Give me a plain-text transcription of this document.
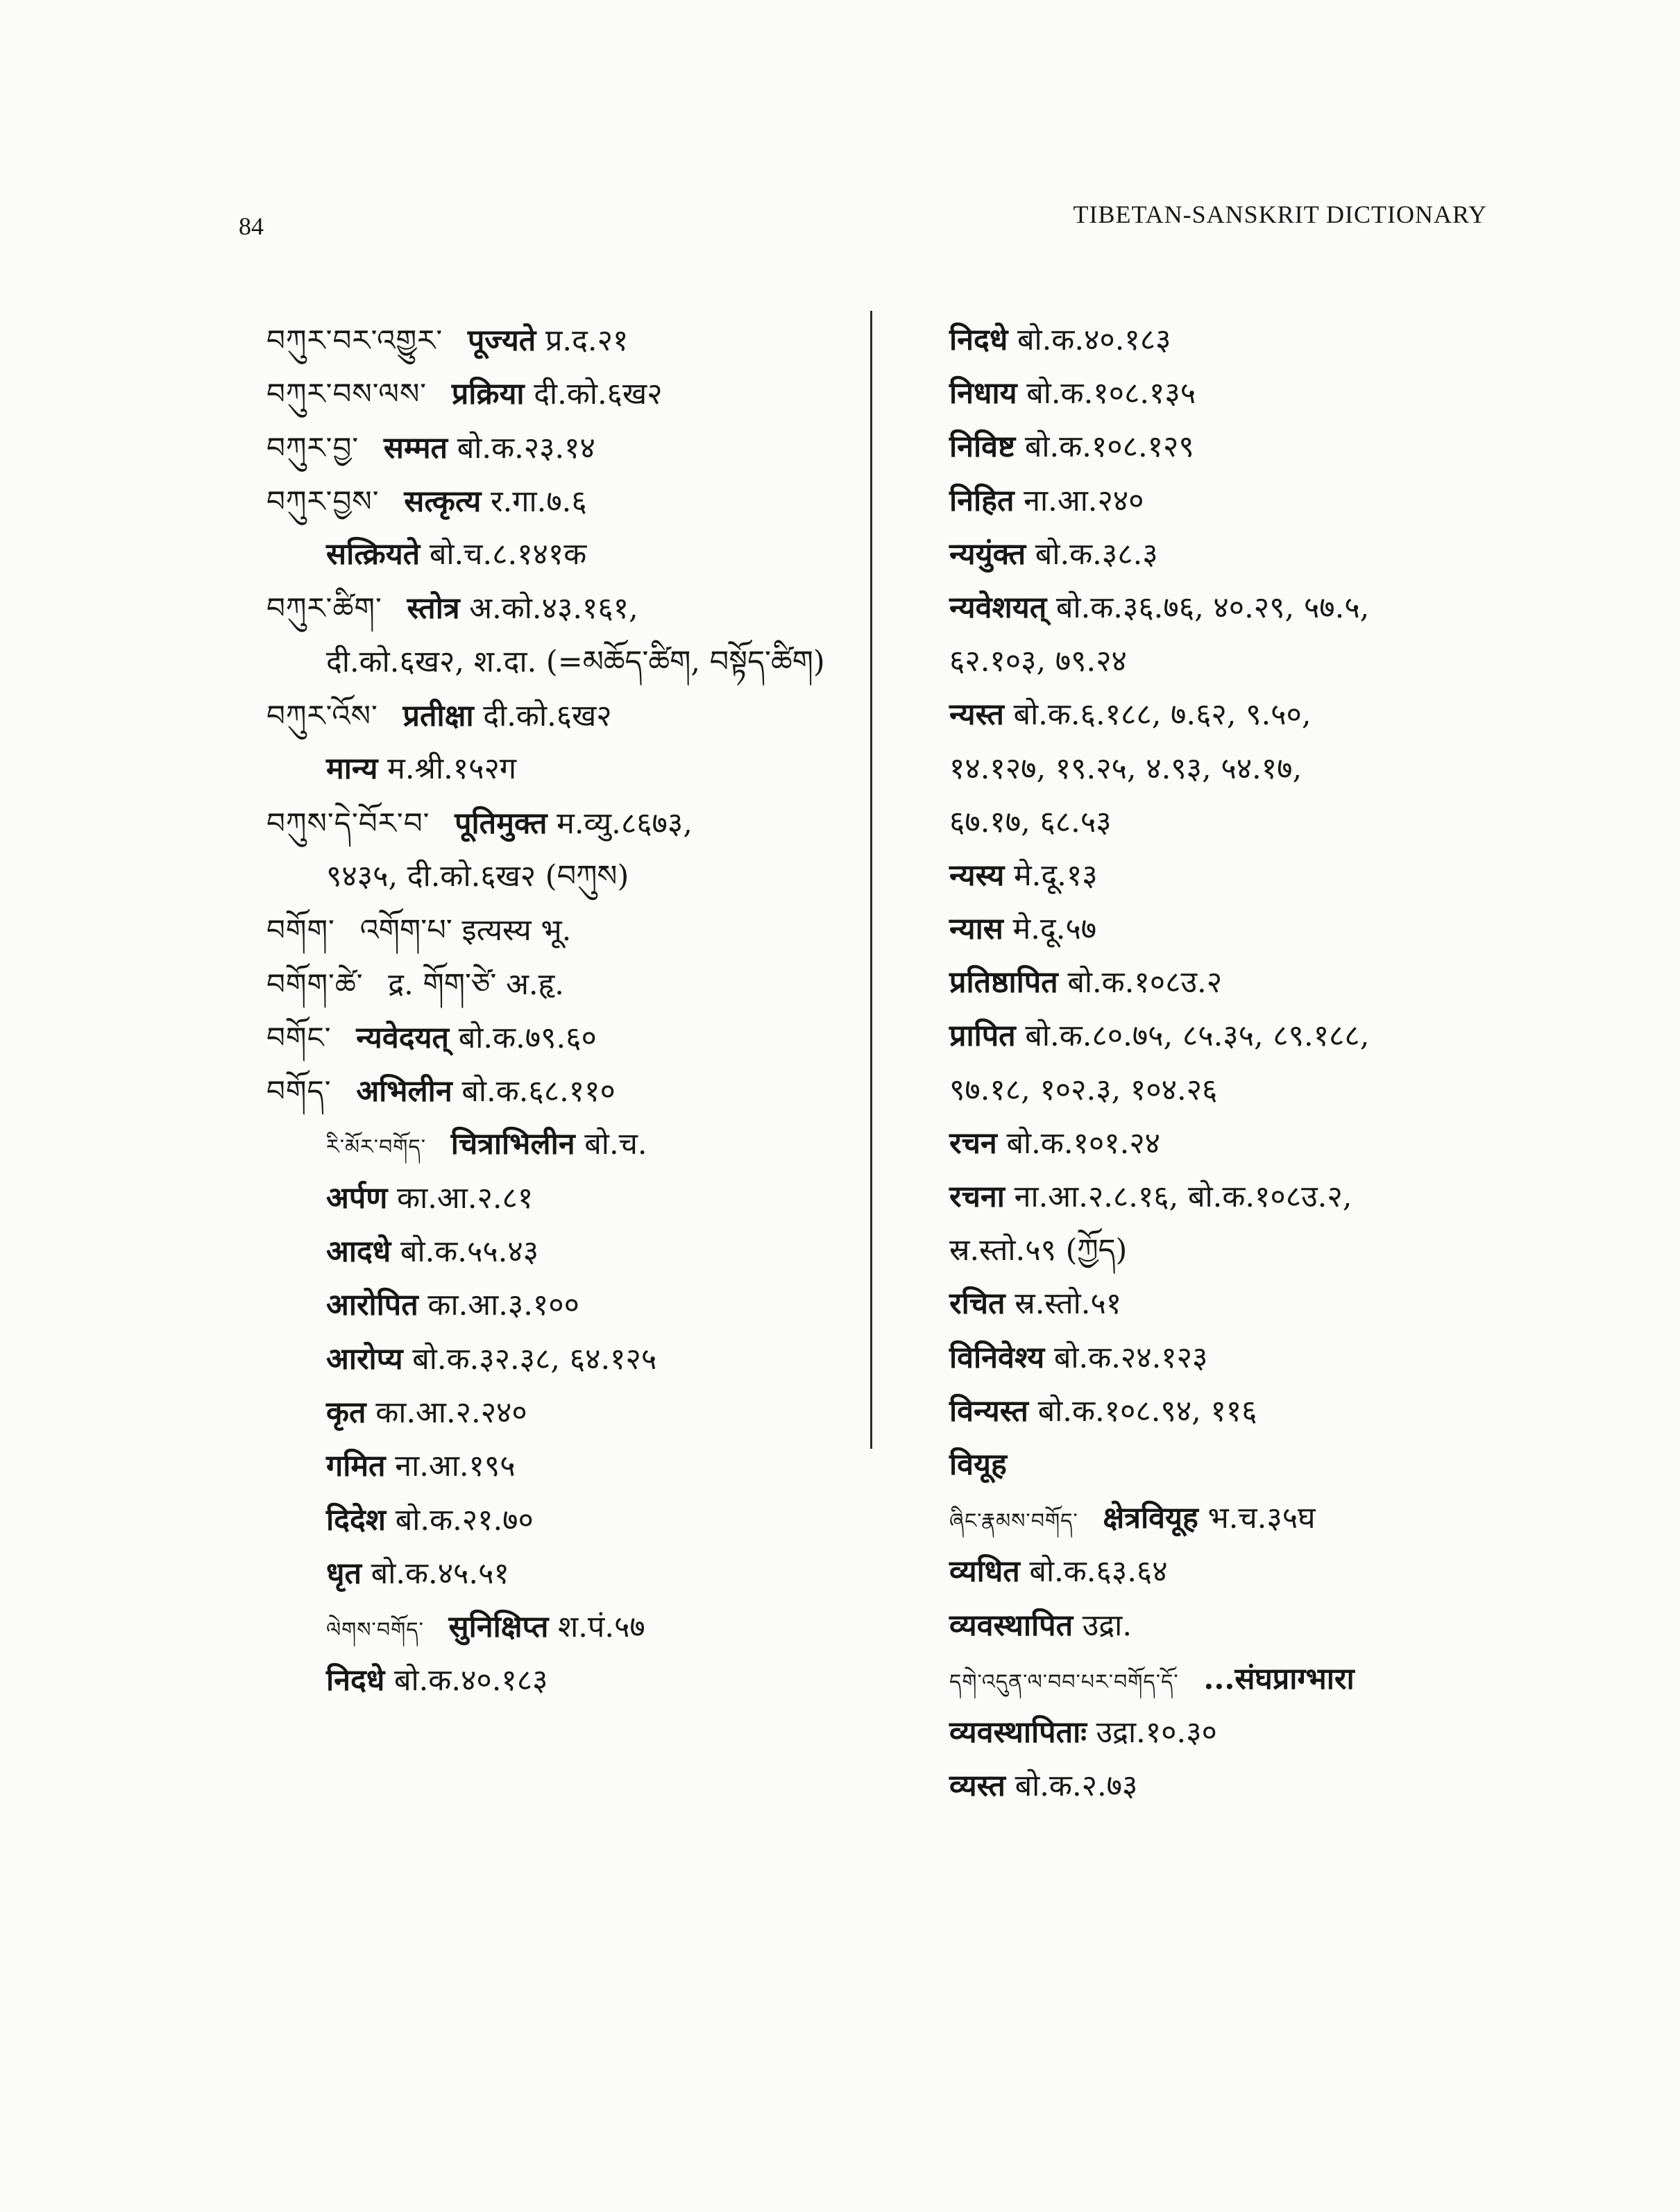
84	TIBETAN-SANSKRIT DICTIONARY
བཀུར་བར་འགྱུར་ पूज्यते प्र.द.२१
བཀུར་བས་ལས་ प्रक्रिया दी.को.६ख२
བཀུར་བྱ་ सम्मत बो.क.२३.१४
བཀུར་བྱས་ सत्कृत्य र.गा.७.६
सत्क्रियते बो.च.८.१४१क
བཀུར་ཚིག་ स्तोत्र अ.को.४३.१६१,
दी.को.६ख२, श.दा. (=མཆོད་ཚིག, བསྟོད་ཚིག)
བཀུར་འོས་ प्रतीक्षा दी.को.६ख२
मान्य म.श्री.१५२ग
བཀུས་དེ་བོར་བ་ पूतिमुक्त म.व्यु.८६७३,
९४३५, दी.को.६ख२ (བཀུས)
བགོག་ འགོག་པ་ इत्यस्य भू.
བགོག་ཚེ་ द्र. གོག་ཙེ་ अ.हृ.
བགོང་ न्यवेदयत् बो.क.७९.६०
བགོད་ अभिलीन बो.क.६८.११०
རི་མོར་བགོད་ चित्राभिलीन बो.च.
अर्पण का.आ.२.८१
आदधे बो.क.५५.४३
आरोपित का.आ.३.१००
आरोप्य बो.क.३२.३८, ६४.१२५
कृत का.आ.२.२४०
गमित ना.आ.१९५
दिदेश बो.क.२१.७०
धृत बो.क.४५.५१
ལེགས་བགོད་ सुनिक्षिप्त श.पं.५७
निदधे बो.क.४०.१८३
निदधे बो.क.४०.१८३
निधाय बो.क.१०८.१३५
निविष्ट बो.क.१०८.१२९
निहित ना.आ.२४०
न्ययुंक्त बो.क.३८.३
न्यवेशयत् बो.क.३६.७६, ४०.२९, ५७.५,
६२.१०३, ७९.२४
न्यस्त बो.क.६.१८८, ७.६२, ९.५०,
१४.१२७, १९.२५, ४.९३, ५४.१७,
६७.१७, ६८.५३
न्यस्य मे.दू.१३
न्यास मे.दू.५७
प्रतिष्ठापित बो.क.१०८उ.२
प्रापित बो.क.८०.७५, ८५.३५, ८९.१८८,
९७.१८, १०२.३, १०४.२६
रचन बो.क.१०१.२४
रचना ना.आ.२.८.१६, बो.क.१०८उ.२,
स्र.स्तो.५९ (ཀྱོད)
रचित स्र.स्तो.५१
विनिवेश्य बो.क.२४.१२३
विन्यस्त बो.क.१०८.९४, ११६
वियूह
ཞིང་རྣམས་བགོད་ क्षेत्रवियूह भ.च.३५घ
व्यधित बो.क.६३.६४
व्यवस्थापित उद्रा.
དགེ་འདུན་ལ་བབ་པར་བགོད་དོ་ ...संघप्राग्भारा
व्यवस्थापिताः उद्रा.१०.३०
व्यस्त बो.क.२.७३
